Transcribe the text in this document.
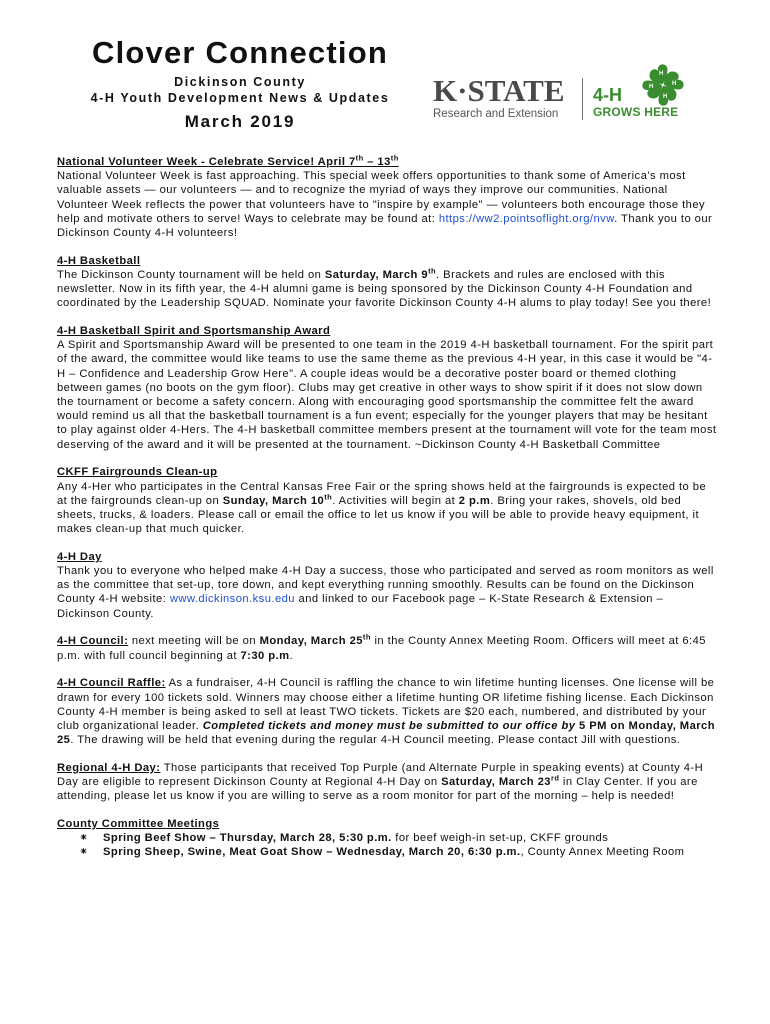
Clover Connection
Dickinson County
4-H Youth Development News & Updates
March 2019
K·STATE
Research and Extension
4-H
GROWS HERE
H
H
H
H
National Volunteer Week - Celebrate Service! April 7th – 13th
National Volunteer Week is fast approaching. This special week offers opportunities to thank some of America’s most valuable assets — our volunteers — and to recognize the myriad of ways they improve our communities. National Volunteer Week reflects the power that volunteers have to "inspire by example" — volunteers both encourage those they help and motivate others to serve! Ways to celebrate may be found at: https://ww2.pointsoflight.org/nvw. Thank you to our Dickinson County 4-H volunteers!
4-H Basketball
The Dickinson County tournament will be held on Saturday, March 9th. Brackets and rules are enclosed with this newsletter. Now in its fifth year, the 4-H alumni game is being sponsored by the Dickinson County 4-H Foundation and coordinated by the Leadership SQUAD. Nominate your favorite Dickinson County 4-H alums to play today! See you there!
4-H Basketball Spirit and Sportsmanship Award
A Spirit and Sportsmanship Award will be presented to one team in the 2019 4-H basketball tournament. For the spirit part of the award, the committee would like teams to use the same theme as the previous 4-H year, in this case it would be "4-H – Confidence and Leadership Grow Here". A couple ideas would be a decorative poster board or themed clothing between games (no boots on the gym floor). Clubs may get creative in other ways to show spirit if it does not slow down the tournament or become a safety concern. Along with encouraging good sportsmanship the committee felt the award would remind us all that the basketball tournament is a fun event; especially for the younger players that may be hesitant to play against older 4-Hers. The 4-H basketball committee members present at the tournament will vote for the team most deserving of the award and it will be presented at the tournament. ~Dickinson County 4-H Basketball Committee
CKFF Fairgrounds Clean-up
Any 4-Her who participates in the Central Kansas Free Fair or the spring shows held at the fairgrounds is expected to be at the fairgrounds clean-up on Sunday, March 10th. Activities will begin at 2 p.m. Bring your rakes, shovels, old bed sheets, trucks, & loaders. Please call or email the office to let us know if you will be able to provide heavy equipment, it makes clean-up that much quicker.
4-H Day
Thank you to everyone who helped make 4-H Day a success, those who participated and served as room monitors as well as the committee that set-up, tore down, and kept everything running smoothly. Results can be found on the Dickinson County 4-H website: www.dickinson.ksu.edu and linked to our Facebook page – K-State Research & Extension – Dickinson County.
4-H Council: next meeting will be on Monday, March 25th in the County Annex Meeting Room. Officers will meet at 6:45 p.m. with full council beginning at 7:30 p.m.
4-H Council Raffle: As a fundraiser, 4-H Council is raffling the chance to win lifetime hunting licenses. One license will be drawn for every 100 tickets sold. Winners may choose either a lifetime hunting OR lifetime fishing license. Each Dickinson County 4-H member is being asked to sell at least TWO tickets. Tickets are $20 each, numbered, and distributed by your club organizational leader. Completed tickets and money must be submitted to our office by 5 PM on Monday, March 25. The drawing will be held that evening during the regular 4-H Council meeting. Please contact Jill with questions.
Regional 4-H Day: Those participants that received Top Purple (and Alternate Purple in speaking events) at County 4-H Day are eligible to represent Dickinson County at Regional 4-H Day on Saturday, March 23rd in Clay Center. If you are attending, please let us know if you are willing to serve as a room monitor for part of the morning – help is needed!
County Committee Meetings
⁕ Spring Beef Show – Thursday, March 28, 5:30 p.m. for beef weigh-in set-up, CKFF grounds
⁕ Spring Sheep, Swine, Meat Goat Show – Wednesday, March 20, 6:30 p.m., County Annex Meeting Room
